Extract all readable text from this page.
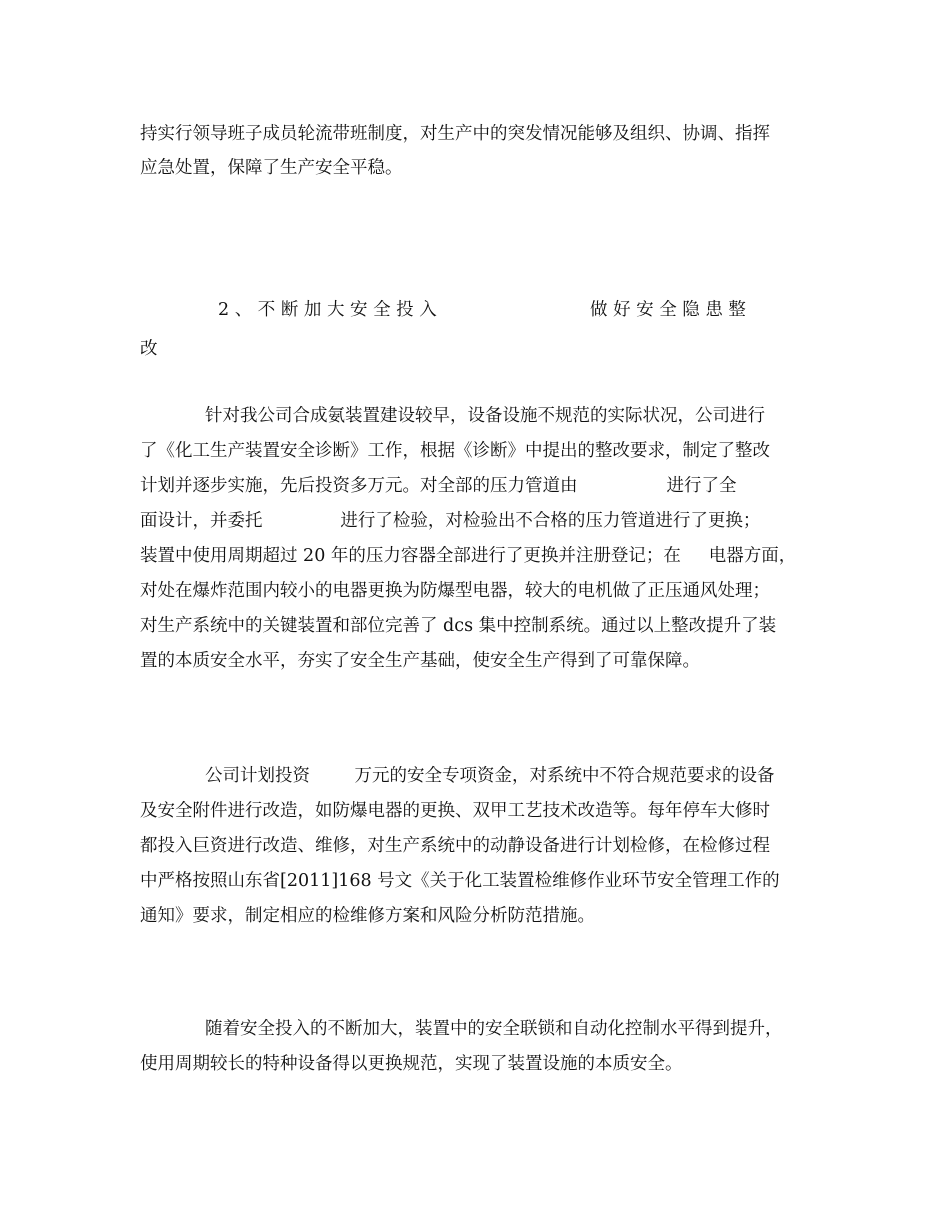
持实行领导班子成员轮流带班制度，对生产中的突发情况能够及组织、协调、指挥

应急处置，保障了生产安全平稳。

2 、 不 断 加 大 安 全 投 入	做 好 安 全 隐 患 整

改

针对我公司合成氨装置建设较早，设备设施不规范的实际状况，公司进行

了《化工生产装置安全诊断》工作，根据《诊断》中提出的整改要求，制定了整改

计划并逐步实施，先后投资多万元。对全部的压力管道由                进行了全

面设计，并委托              进行了检验，对检验出不合格的压力管道进行了更换；

装置中使用周期超过 20 年的压力容器全部进行了更换并注册登记；在     电器方面，

对处在爆炸范围内较小的电器更换为防爆型电器，较大的电机做了正压通风处理；

对生产系统中的关键装置和部位完善了 dcs 集中控制系统。通过以上整改提升了装

置的本质安全水平，夯实了安全生产基础，使安全生产得到了可靠保障。

公司计划投资        万元的安全专项资金，对系统中不符合规范要求的设备

及安全附件进行改造，如防爆电器的更换、双甲工艺技术改造等。每年停车大修时

都投入巨资进行改造、维修，对生产系统中的动静设备进行计划检修，在检修过程

中严格按照山东省[2011]168 号文《关于化工装置检维修作业环节安全管理工作的

通知》要求，制定相应的检维修方案和风险分析防范措施。

随着安全投入的不断加大，装置中的安全联锁和自动化控制水平得到提升，

使用周期较长的特种设备得以更换规范，实现了装置设施的本质安全。
